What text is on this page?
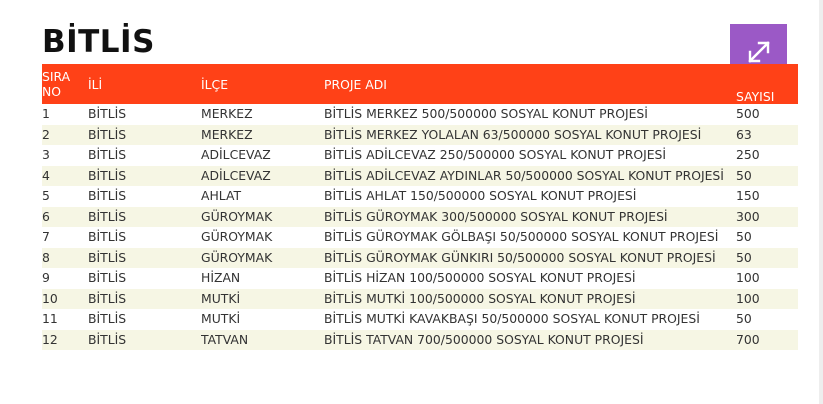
BİTLİS
SIRA
NO	İLİ	İLÇE	PROJE ADI	SAYISI
1	BİTLİS	MERKEZ	BİTLİS MERKEZ 500/500000 SOSYAL KONUT PROJESİ	500
2	BİTLİS	MERKEZ	BİTLİS MERKEZ YOLALAN 63/500000 SOSYAL KONUT PROJESİ	63
3	BİTLİS	ADİLCEVAZ	BİTLİS ADİLCEVAZ 250/500000 SOSYAL KONUT PROJESİ	250
4	BİTLİS	ADİLCEVAZ	BİTLİS ADİLCEVAZ AYDINLAR 50/500000 SOSYAL KONUT PROJESİ	50
5	BİTLİS	AHLAT	BİTLİS AHLAT 150/500000 SOSYAL KONUT PROJESİ	150
6	BİTLİS	GÜROYMAK	BİTLİS GÜROYMAK 300/500000 SOSYAL KONUT PROJESİ	300
7	BİTLİS	GÜROYMAK	BİTLİS GÜROYMAK GÖLBAŞI 50/500000 SOSYAL KONUT PROJESİ	50
8	BİTLİS	GÜROYMAK	BİTLİS GÜROYMAK GÜNKIRI 50/500000 SOSYAL KONUT PROJESİ	50
9	BİTLİS	HİZAN	BİTLİS HİZAN 100/500000 SOSYAL KONUT PROJESİ	100
10	BİTLİS	MUTKİ	BİTLİS MUTKİ 100/500000 SOSYAL KONUT PROJESİ	100
11	BİTLİS	MUTKİ	BİTLİS MUTKİ KAVAKBAŞI 50/500000 SOSYAL KONUT PROJESİ	50
12	BİTLİS	TATVAN	BİTLİS TATVAN 700/500000 SOSYAL KONUT PROJESİ	700
